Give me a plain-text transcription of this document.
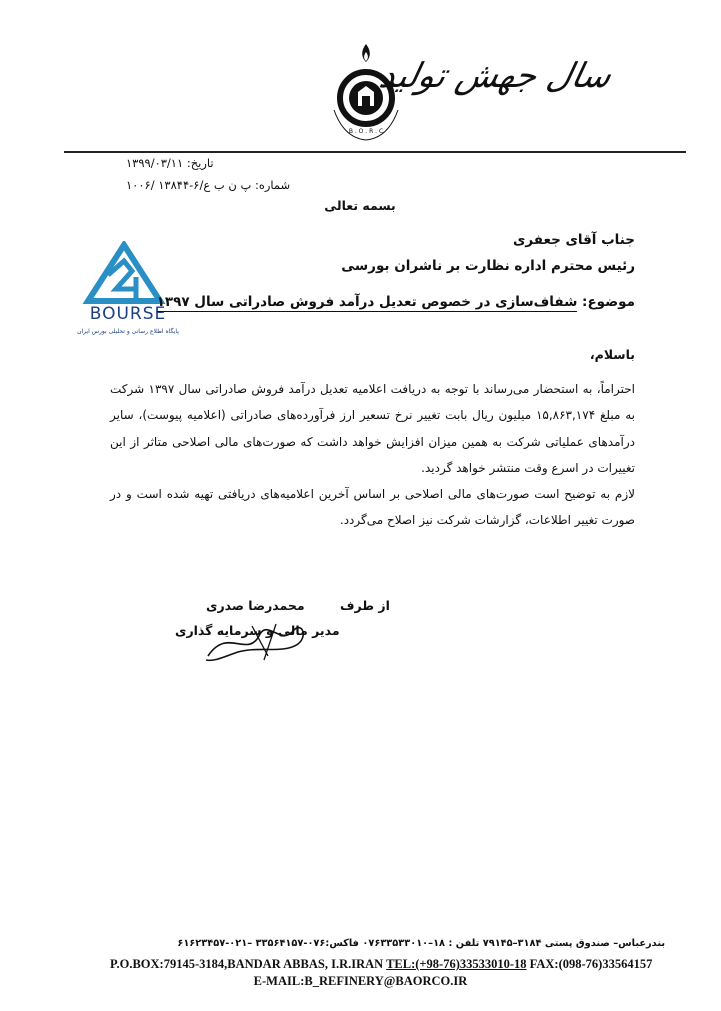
B . O . R . C
سال جهش تولید
تاریخ: ۱۳۹۹/۰۳/۱۱
شماره: پ ن ب ع/۶-۱۳۸۴۴ /۱۰۰۶
بسمه تعالی
جناب آقای جعفری
رئیس محترم اداره نظارت بر ناشران بورسی
BOURSE
پایگاه اطلاع رسانی و تحلیلی بورس ایران
موضوع: شفاف‌سازی در خصوص تعدیل درآمد فروش صادراتی سال ۱۳۹۷
باسلام،

احتراماً، به استحضار می‌رساند با توجه به دریافت اعلامیه تعدیل درآمد فروش صادراتی سال ۱۳۹۷ شرکت به مبلغ ۱۵,۸۶۳,۱۷۴ میلیون ریال بابت تغییر نرخ تسعیر ارز فرآورده‌های صادراتی (اعلامیه پیوست)، سایر درآمدهای عملیاتی شرکت به همین میزان افزایش خواهد داشت که صورت‌های مالی اصلاحی متاثر از این تغییرات در اسرع وقت منتشر خواهد گردید.

لازم به توضیح است صورت‌های مالی اصلاحی بر اساس آخرین اعلامیه‌های دریافتی تهیه شده است و در صورت تغییر اطلاعات، گزارشات شرکت نیز اصلاح می‌گردد.

از طرف
محمدرضا صدری
مدیر مالی و سرمایه گذاری
بندرعباس– صندوق پستی ۳۱۸۴–۷۹۱۴۵ تلفن : ۱۸–۰۷۶۳۳۵۳۳۰۱۰ فاکس:۰۷۶-۳۳۵۶۴۱۵۷ –۰۲۱-۶۱۶۲۳۴۵۷
P.O.BOX:79145-3184,BANDAR ABBAS, I.R.IRAN TEL:(+98-76)33533010-18 FAX:(098-76)33564157
E-MAIL:B_REFINERY@BAORCO.IR
